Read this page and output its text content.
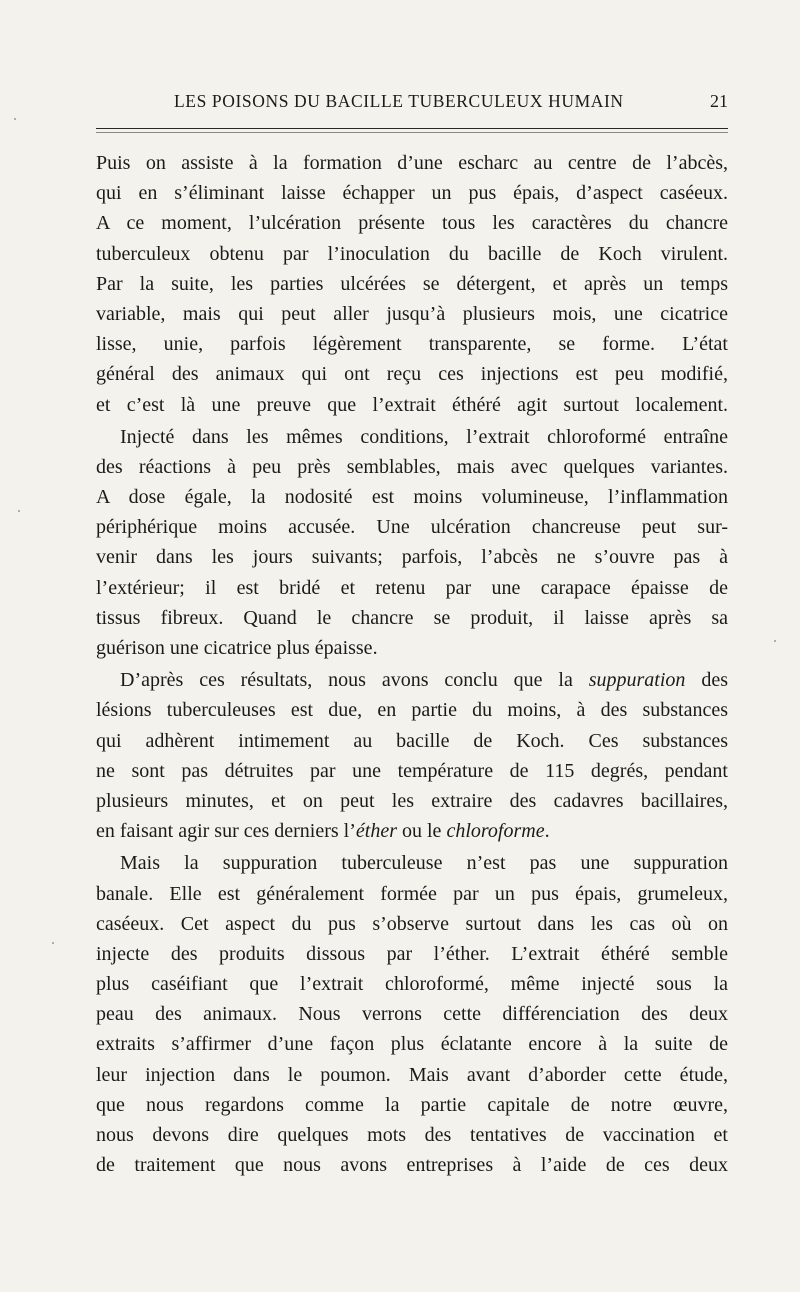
LES POISONS DU BACILLE TUBERCULEUX HUMAIN	21
Puis on assiste à la formation d’une escharc au centre de l’abcès,
qui en s’éliminant laisse échapper un pus épais, d’aspect caséeux.
A ce moment, l’ulcération présente tous les caractères du chancre
tuberculeux obtenu par l’inoculation du bacille de Koch virulent.
Par la suite, les parties ulcérées se détergent, et après un temps
variable, mais qui peut aller jusqu’à plusieurs mois, une cicatrice
lisse, unie, parfois légèrement transparente, se forme. L’état
général des animaux qui ont reçu ces injections est peu modifié,
et c’est là une preuve que l’extrait éthéré agit surtout localement.
Injecté dans les mêmes conditions, l’extrait chloroformé entraîne
des réactions à peu près semblables, mais avec quelques variantes.
A dose égale, la nodosité est moins volumineuse, l’inflammation
périphérique moins accusée. Une ulcération chancreuse peut sur-
venir dans les jours suivants; parfois, l’abcès ne s’ouvre pas à
l’extérieur; il est bridé et retenu par une carapace épaisse de
tissus fibreux. Quand le chancre se produit, il laisse après sa
guérison une cicatrice plus épaisse.
D’après ces résultats, nous avons conclu que la suppuration des
lésions tuberculeuses est due, en partie du moins, à des substances
qui adhèrent intimement au bacille de Koch. Ces substances
ne sont pas détruites par une température de 115 degrés, pendant
plusieurs minutes, et on peut les extraire des cadavres bacillaires,
en faisant agir sur ces derniers l’éther ou le chloroforme.
Mais la suppuration tuberculeuse n’est pas une suppuration
banale. Elle est généralement formée par un pus épais, grumeleux,
caséeux. Cet aspect du pus s’observe surtout dans les cas où on
injecte des produits dissous par l’éther. L’extrait éthéré semble
plus caséifiant que l’extrait chloroformé, même injecté sous la
peau des animaux. Nous verrons cette différenciation des deux
extraits s’affirmer d’une façon plus éclatante encore à la suite de
leur injection dans le poumon. Mais avant d’aborder cette étude,
que nous regardons comme la partie capitale de notre œuvre,
nous devons dire quelques mots des tentatives de vaccination et
de traitement que nous avons entreprises à l’aide de ces deux
